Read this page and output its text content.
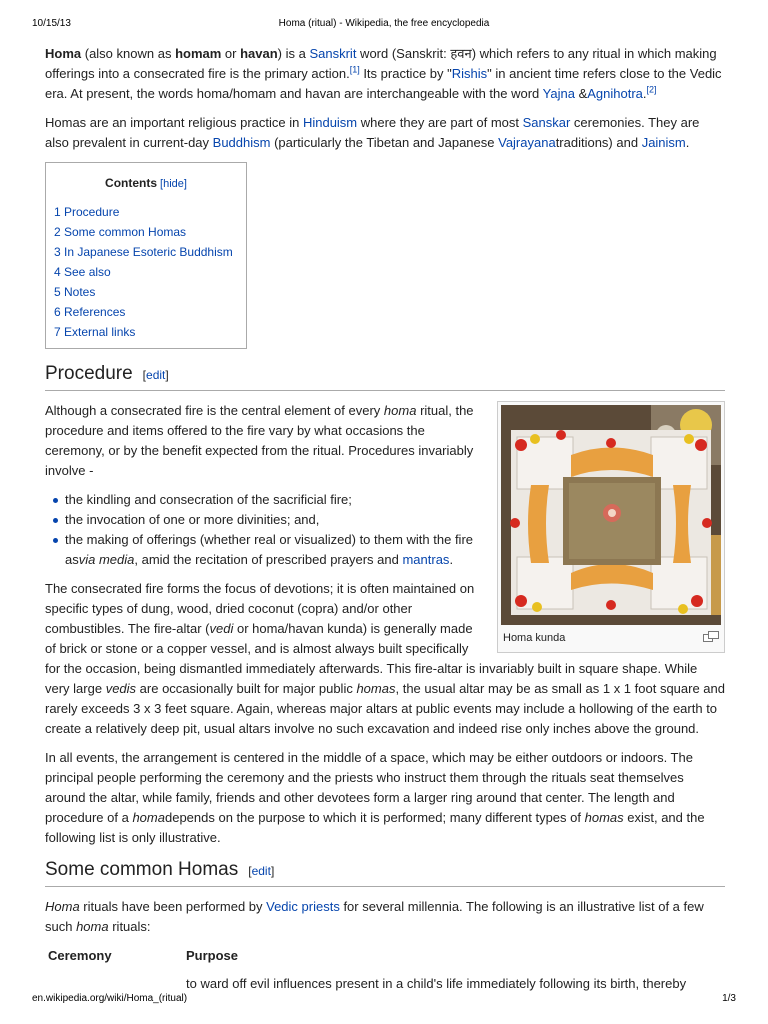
10/15/13	Homa (ritual) - Wikipedia, the free encyclopedia

Homa (also known as homam or havan) is a Sanskrit word (Sanskrit: हवन) which refers to any ritual in which making offerings into a consecrated fire is the primary action.[1] Its practice by "Rishis" in ancient time refers close to the Vedic era. At present, the words homa/homam and havan are interchangeable with the word Yajna &Agnihotra.[2]

Homas are an important religious practice in Hinduism where they are part of most Sanskar ceremonies. They are also prevalent in current-day Buddhism (particularly the Tibetan and Japanese Vajrayanatraditions) and Jainism.

Contents [hide]
1 Procedure
2 Some common Homas
3 In Japanese Esoteric Buddhism
4 See also
5 Notes
6 References
7 External links
Procedure [edit]
Homa kunda

Although a consecrated fire is the central element of every homa ritual, the procedure and items offered to the fire vary by what occasions the ceremony, or by the benefit expected from the ritual. Procedures invariably involve -

the kindling and consecration of the sacrificial fire;
the invocation of one or more divinities; and,
the making of offerings (whether real or visualized) to them with the fire asvia media, amid the recitation of prescribed prayers and mantras.

The consecrated fire forms the focus of devotions; it is often maintained on specific types of dung, wood, dried coconut (copra) and/or other combustibles. The fire-altar (vedi or homa/havan kunda) is generally made of brick or stone or a copper vessel, and is almost always built specifically for the occasion, being dismantled immediately afterwards. This fire-altar is invariably built in square shape. While very large vedis are occasionally built for major public homas, the usual altar may be as small as 1 x 1 foot square and rarely exceeds 3 x 3 feet square. Again, whereas major altars at public events may include a hollowing of the earth to create a relatively deep pit, usual altars involve no such excavation and indeed rise only inches above the ground.

In all events, the arrangement is centered in the middle of a space, which may be either outdoors or indoors. The principal people performing the ceremony and the priests who instruct them through the rituals seat themselves around the altar, while family, friends and other devotees form a larger ring around that center. The length and procedure of a homadepends on the purpose to which it is performed; many different types of homas exist, and the following list is only illustrative.

Some common Homas [edit]

Homa rituals have been performed by Vedic priests for several millennia. The following is an illustrative list of a few such homa rituals:

Ceremony	Purpose
	to ward off evil influences present in a child's life immediately following its birth, thereby
en.wikipedia.org/wiki/Homa_(ritual)	1/3
